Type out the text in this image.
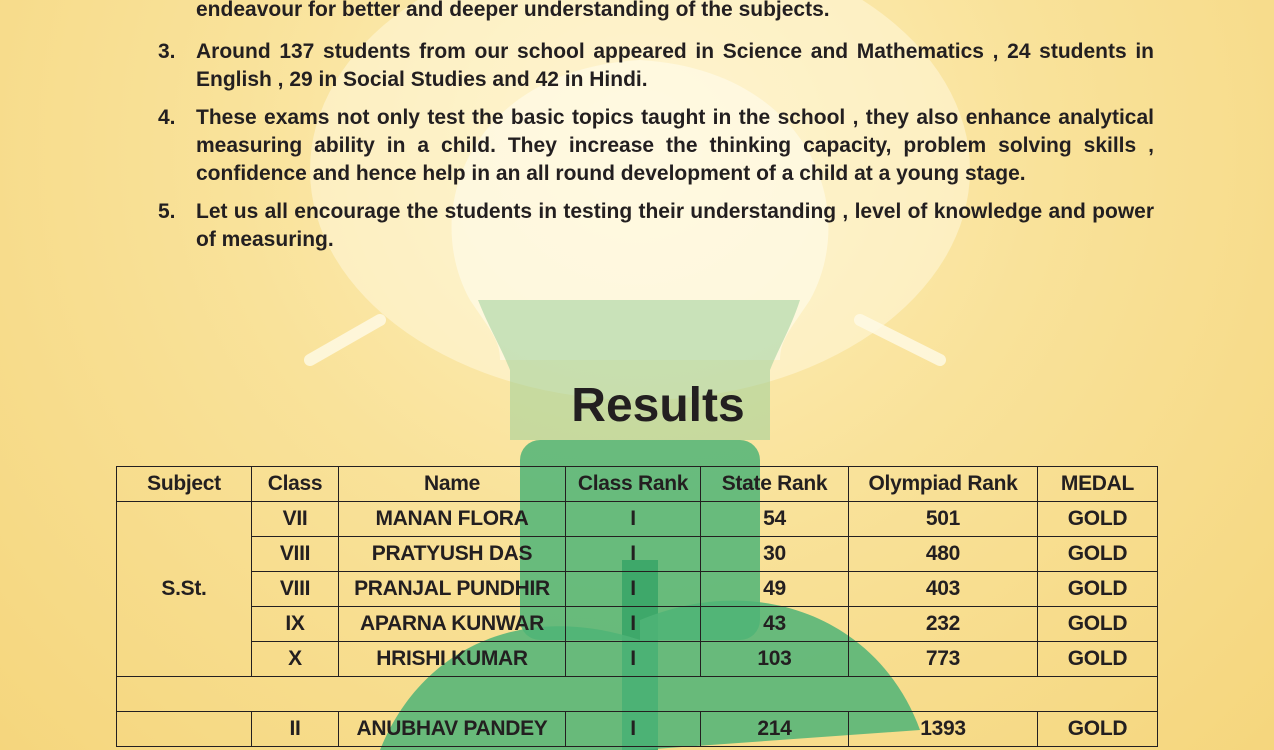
endeavour for better and deeper understanding of the subjects.
3. Around 137 students from our school appeared in Science and Mathematics , 24 students in English , 29 in Social Studies and 42 in Hindi.
4. These exams not only test the basic topics taught in the school , they also enhance analytical measuring ability in a child. They increase the thinking capacity, problem solving skills , confidence and hence help in an all round development of a child at a young stage.
5. Let us all encourage the students in testing their understanding , level of knowledge and power of measuring.
Results
Subject	Class	Name	Class Rank	State Rank	Olympiad Rank	MEDAL
S.St.	VII	MANAN FLORA	I	54	501	GOLD
	VIII	PRATYUSH DAS	I	30	480	GOLD
	VIII	PRANJAL PUNDHIR	I	49	403	GOLD
	IX	APARNA KUNWAR	I	43	232	GOLD
	X	HRISHI KUMAR	I	103	773	GOLD

	II	ANUBHAV PANDEY	I	214	1393	GOLD
